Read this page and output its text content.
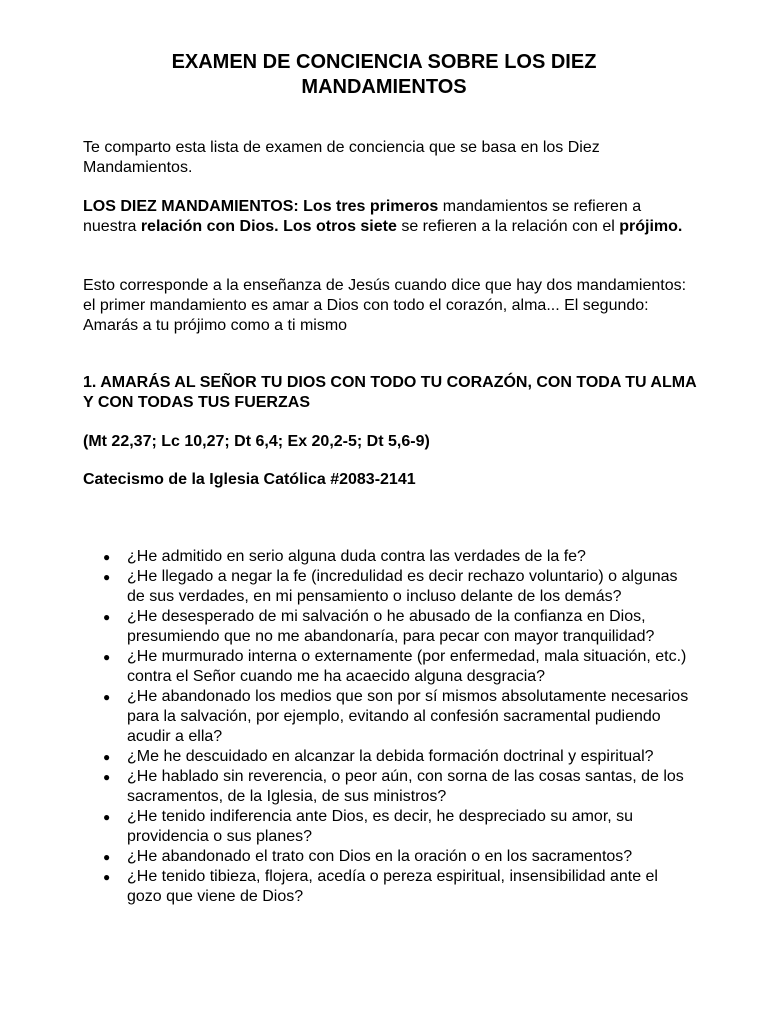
EXAMEN DE CONCIENCIA SOBRE LOS DIEZ
MANDAMIENTOS

Te comparto esta lista de examen de conciencia que se basa en los Diez Mandamientos.

LOS DIEZ MANDAMIENTOS: Los tres primeros mandamientos se refieren a nuestra relación con Dios. Los otros siete se refieren a la relación con el prójimo.

Esto corresponde a la enseñanza de Jesús cuando dice que hay dos mandamientos: el primer mandamiento es amar a Dios con todo el corazón, alma... El segundo: Amarás a tu prójimo como a ti mismo

1. AMARÁS AL SEÑOR TU DIOS CON TODO TU CORAZÓN, CON TODA TU ALMA Y CON TODAS TUS FUERZAS

(Mt 22,37; Lc 10,27; Dt 6,4; Ex 20,2-5; Dt 5,6-9)

Catecismo de la Iglesia Católica #2083-2141

● ¿He admitido en serio alguna duda contra las verdades de la fe?
● ¿He llegado a negar la fe (incredulidad es decir rechazo voluntario) o algunas de sus verdades, en mi pensamiento o incluso delante de los demás?
● ¿He desesperado de mi salvación o he abusado de la confianza en Dios, presumiendo que no me abandonaría, para pecar con mayor tranquilidad?
● ¿He murmurado interna o externamente (por enfermedad, mala situación, etc.) contra el Señor cuando me ha acaecido alguna desgracia?
● ¿He abandonado los medios que son por sí mismos absolutamente necesarios para la salvación, por ejemplo, evitando al confesión sacramental pudiendo acudir a ella?
● ¿Me he descuidado en alcanzar la debida formación doctrinal y espiritual?
● ¿He hablado sin reverencia, o peor aún, con sorna de las cosas santas, de los sacramentos, de la Iglesia, de sus ministros?
● ¿He tenido indiferencia ante Dios, es decir, he despreciado su amor, su providencia o sus planes?
● ¿He abandonado el trato con Dios en la oración o en los sacramentos?
● ¿He tenido tibieza, flojera, acedía o pereza espiritual, insensibilidad ante el gozo que viene de Dios?
